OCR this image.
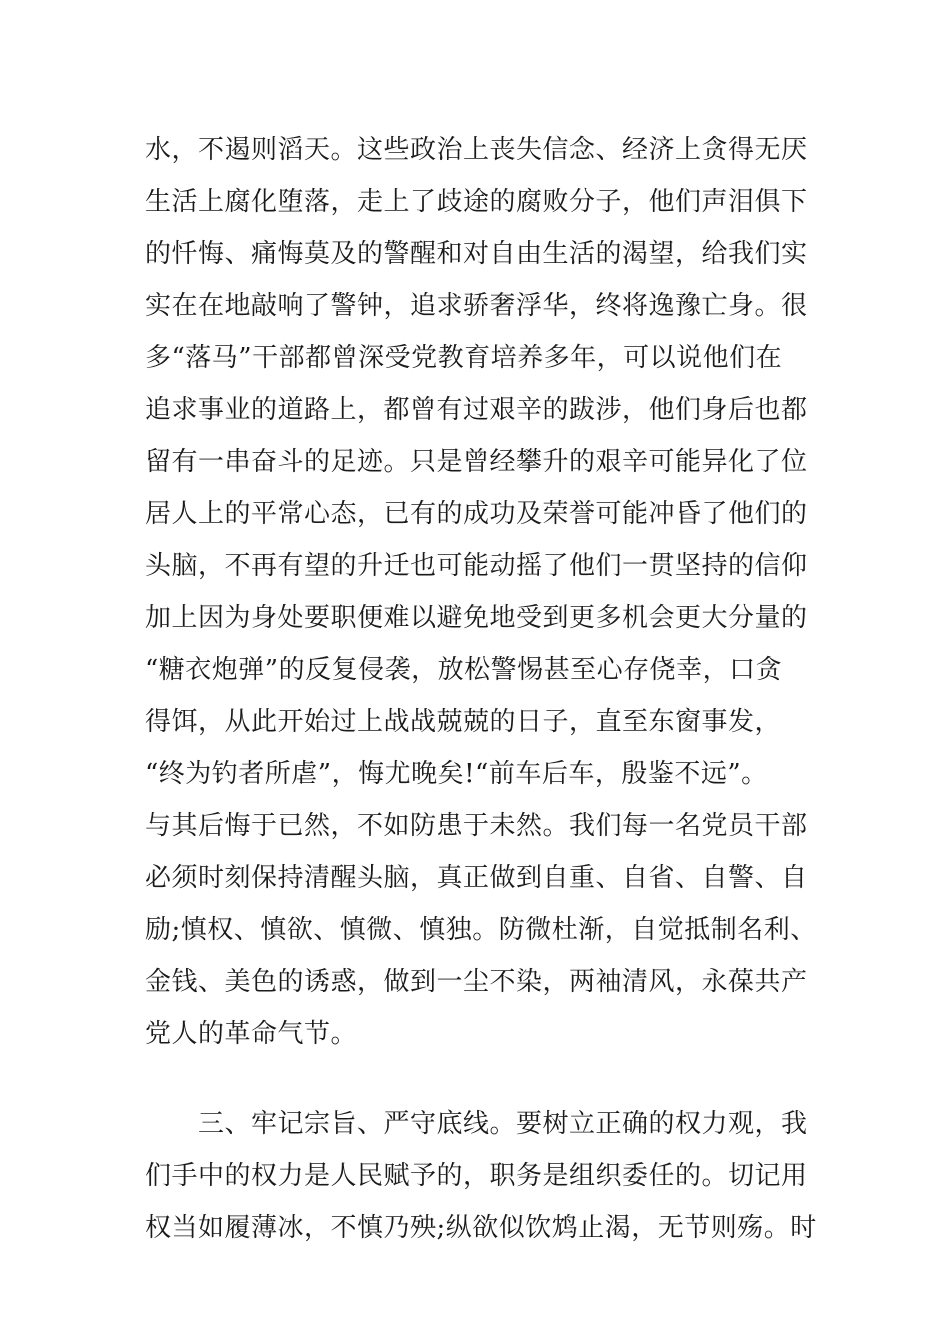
水，不遏则滔天。这些政治上丧失信念、经济上贪得无厌
生活上腐化堕落，走上了歧途的腐败分子，他们声泪俱下
的忏悔、痛悔莫及的警醒和对自由生活的渴望，给我们实
实在在地敲响了警钟，追求骄奢浮华，终将逸豫亡身。很
多“落马”干部都曾深受党教育培养多年，可以说他们在
追求事业的道路上，都曾有过艰辛的跋涉，他们身后也都
留有一串奋斗的足迹。只是曾经攀升的艰辛可能异化了位
居人上的平常心态，已有的成功及荣誉可能冲昏了他们的
头脑，不再有望的升迁也可能动摇了他们一贯坚持的信仰
加上因为身处要职便难以避免地受到更多机会更大分量的
“糖衣炮弹”的反复侵袭，放松警惕甚至心存侥幸，口贪
得饵，从此开始过上战战兢兢的日子，直至东窗事发，
“终为钓者所虐”，悔尤晚矣!“前车后车，殷鉴不远”。
与其后悔于已然，不如防患于未然。我们每一名党员干部
必须时刻保持清醒头脑，真正做到自重、自省、自警、自
励;慎权、慎欲、慎微、慎独。防微杜渐，自觉抵制名利、
金钱、美色的诱惑，做到一尘不染，两袖清风，永葆共产
党人的革命气节。
　　三、牢记宗旨、严守底线。要树立正确的权力观，我
们手中的权力是人民赋予的，职务是组织委任的。切记用
权当如履薄冰，不慎乃殃;纵欲似饮鸩止渴，无节则殇。时
